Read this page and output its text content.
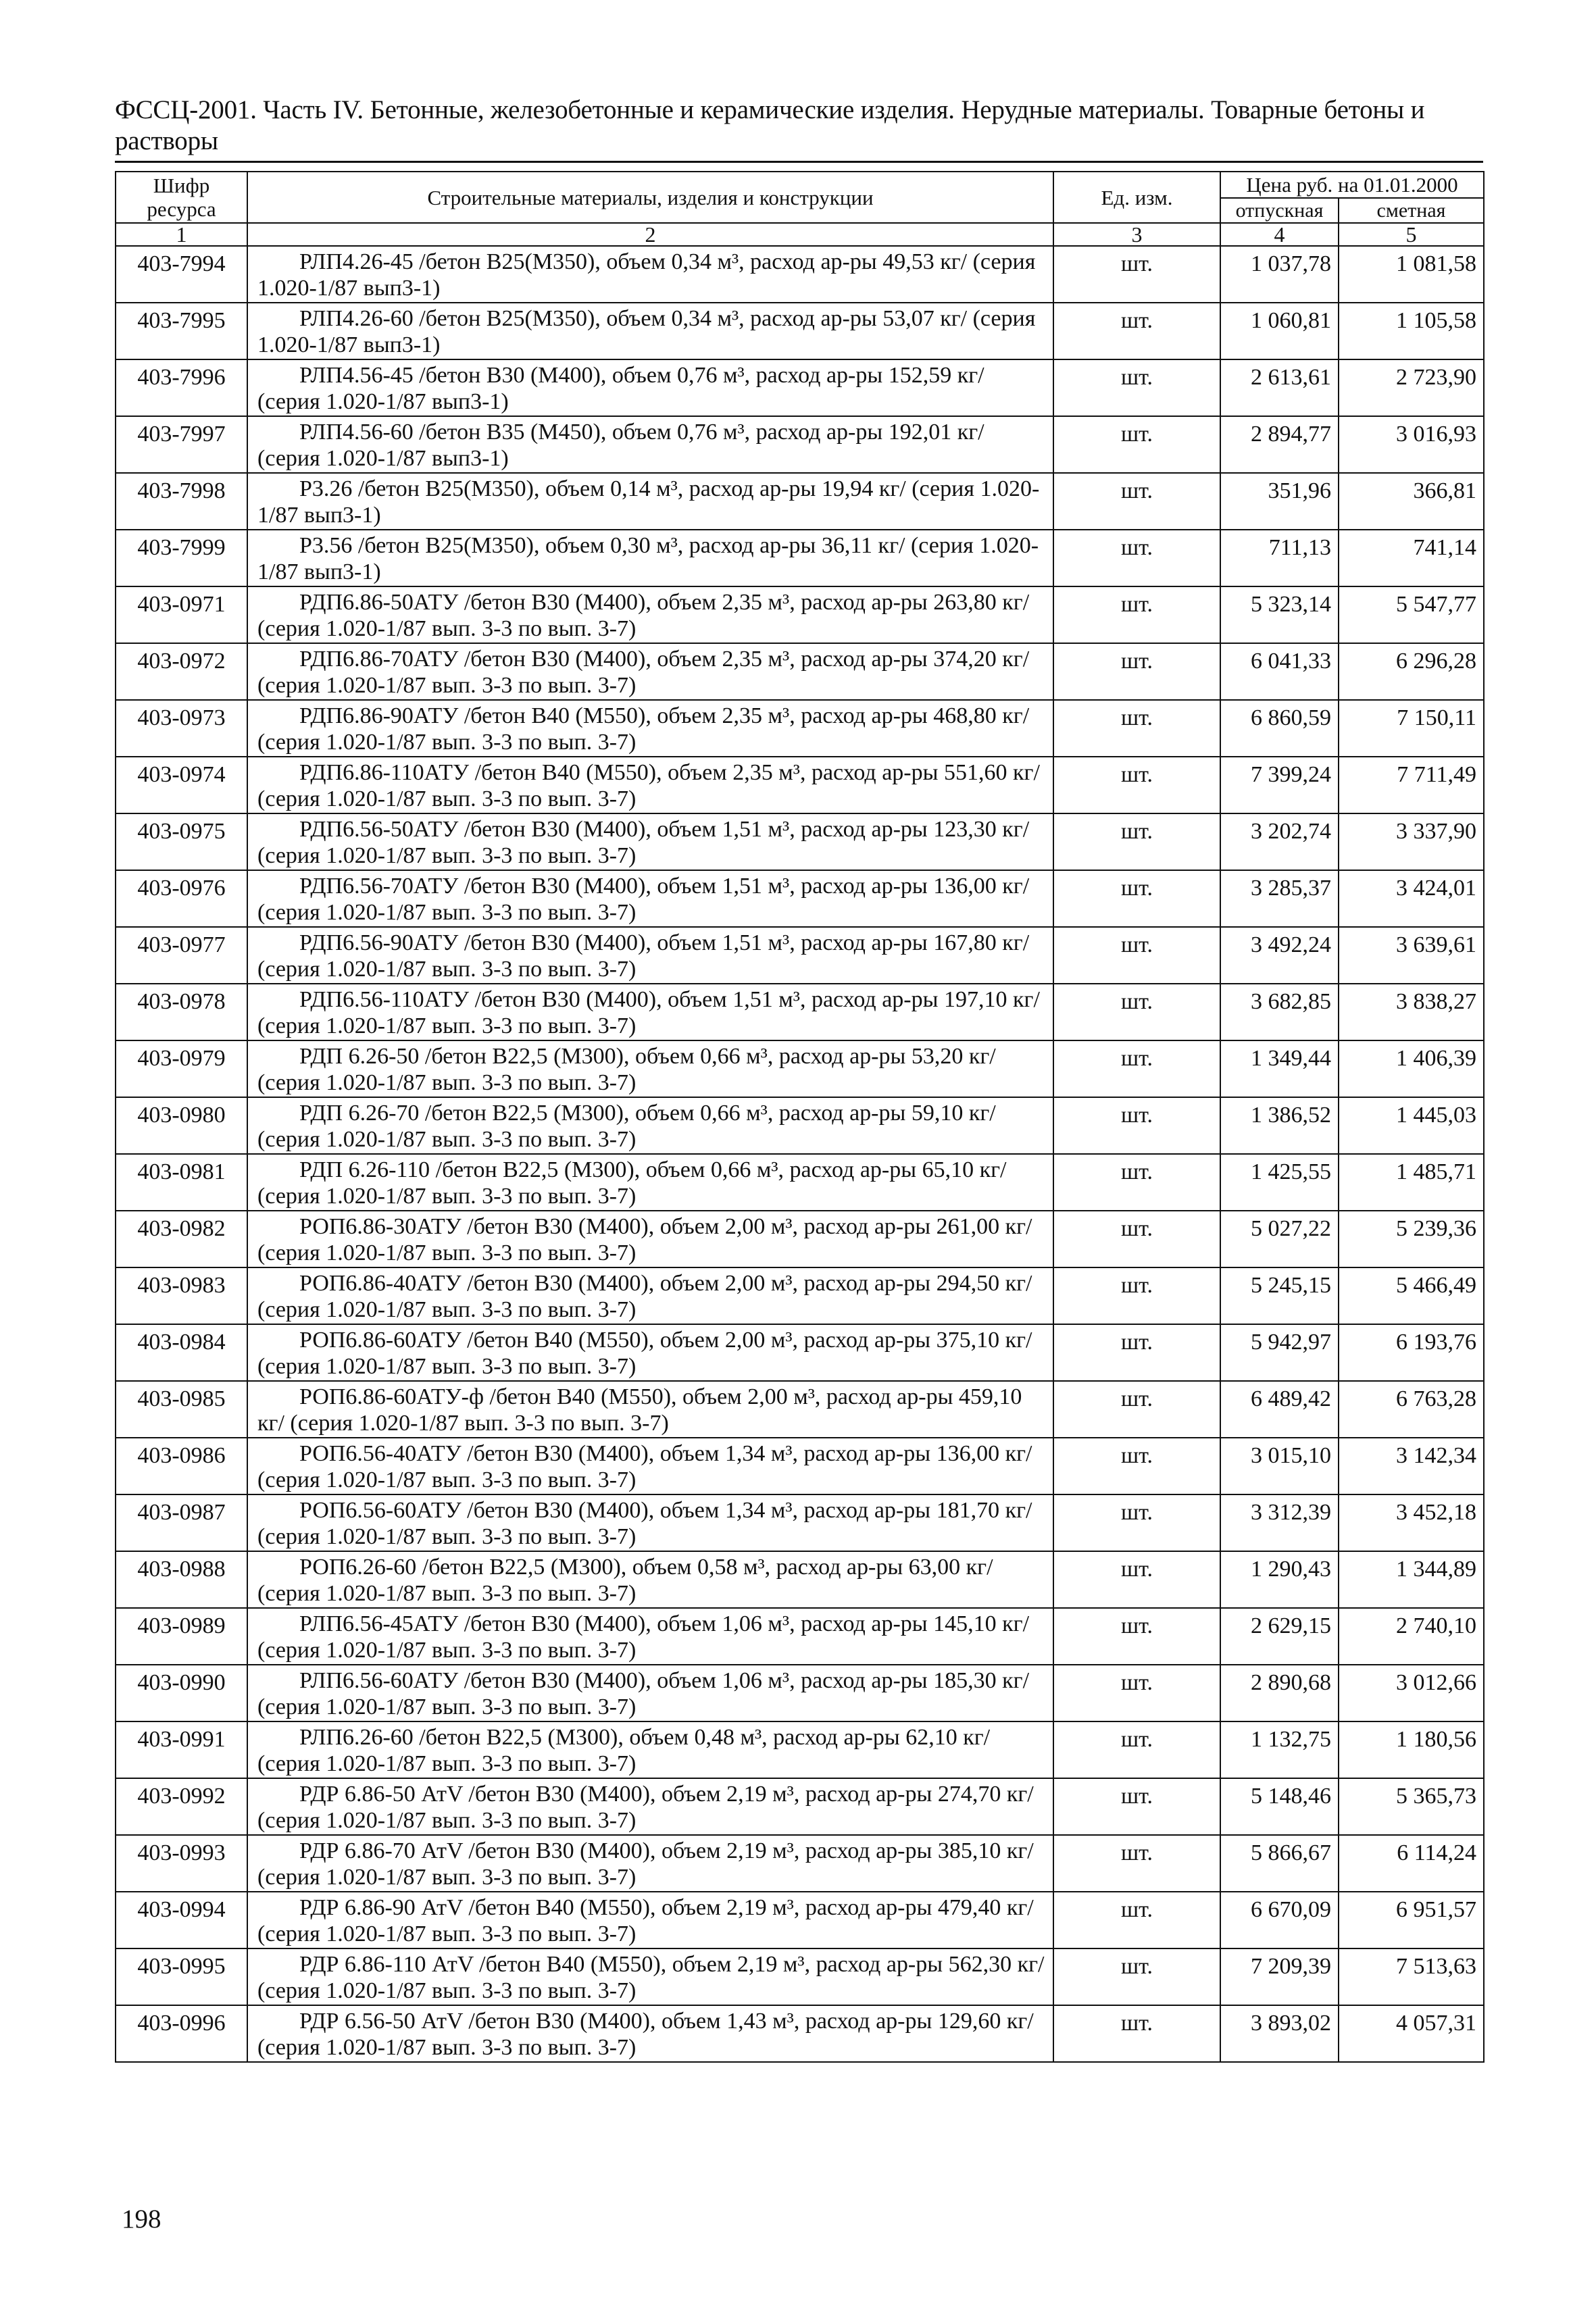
ФССЦ-2001. Часть IV. Бетонные, железобетонные и керамические изделия. Нерудные материалы. Товарные бетоны и растворы
Шифр ресурса	Строительные материалы, изделия и конструкции	Ед. изм.	Цена руб. на 01.01.2000	
			отпускная	сметная
1	2	3	4	5
403-7994	РЛП4.26-45 /бетон В25(М350), объем 0,34 м³, расход ар-ры 49,53 кг/ (серия 1.020-1/87 вып3-1)	шт.	1 037,78	1 081,58
403-7995	РЛП4.26-60 /бетон В25(М350), объем 0,34 м³, расход ар-ры 53,07 кг/ (серия 1.020-1/87 вып3-1)	шт.	1 060,81	1 105,58
403-7996	РЛП4.56-45 /бетон В30 (М400), объем 0,76 м³, расход ар-ры 152,59 кг/ (серия 1.020-1/87 вып3-1)	шт.	2 613,61	2 723,90
403-7997	РЛП4.56-60 /бетон В35 (М450), объем 0,76 м³, расход ар-ры 192,01 кг/ (серия 1.020-1/87 вып3-1)	шт.	2 894,77	3 016,93
403-7998	Р3.26 /бетон В25(М350), объем 0,14 м³, расход ар-ры 19,94 кг/ (серия 1.020-1/87 вып3-1)	шт.	351,96	366,81
403-7999	Р3.56 /бетон В25(М350), объем 0,30 м³, расход ар-ры 36,11 кг/ (серия 1.020-1/87 вып3-1)	шт.	711,13	741,14
403-0971	РДП6.86-50АТУ /бетон В30 (М400), объем 2,35 м³, расход ар-ры 263,80 кг/ (серия 1.020-1/87 вып. 3-3 по вып. 3-7)	шт.	5 323,14	5 547,77
403-0972	РДП6.86-70АТУ /бетон В30 (М400), объем 2,35 м³, расход ар-ры 374,20 кг/ (серия 1.020-1/87 вып. 3-3 по вып. 3-7)	шт.	6 041,33	6 296,28
403-0973	РДП6.86-90АТУ /бетон В40 (М550), объем 2,35 м³, расход ар-ры 468,80 кг/ (серия 1.020-1/87 вып. 3-3 по вып. 3-7)	шт.	6 860,59	7 150,11
403-0974	РДП6.86-110АТУ /бетон В40 (М550), объем 2,35 м³, расход ар-ры 551,60 кг/ (серия 1.020-1/87 вып. 3-3 по вып. 3-7)	шт.	7 399,24	7 711,49
403-0975	РДП6.56-50АТУ /бетон В30 (М400), объем 1,51 м³, расход ар-ры 123,30 кг/ (серия 1.020-1/87 вып. 3-3 по вып. 3-7)	шт.	3 202,74	3 337,90
403-0976	РДП6.56-70АТУ /бетон В30 (М400), объем 1,51 м³, расход ар-ры 136,00 кг/ (серия 1.020-1/87 вып. 3-3 по вып. 3-7)	шт.	3 285,37	3 424,01
403-0977	РДП6.56-90АТУ /бетон В30 (М400), объем 1,51 м³, расход ар-ры 167,80 кг/ (серия 1.020-1/87 вып. 3-3 по вып. 3-7)	шт.	3 492,24	3 639,61
403-0978	РДП6.56-110АТУ /бетон В30 (М400), объем 1,51 м³, расход ар-ры 197,10 кг/ (серия 1.020-1/87 вып. 3-3 по вып. 3-7)	шт.	3 682,85	3 838,27
403-0979	РДП 6.26-50 /бетон В22,5 (М300), объем 0,66 м³, расход ар-ры 53,20 кг/ (серия 1.020-1/87 вып. 3-3 по вып. 3-7)	шт.	1 349,44	1 406,39
403-0980	РДП 6.26-70 /бетон В22,5 (М300), объем 0,66 м³, расход ар-ры 59,10 кг/ (серия 1.020-1/87 вып. 3-3 по вып. 3-7)	шт.	1 386,52	1 445,03
403-0981	РДП 6.26-110 /бетон В22,5 (М300), объем 0,66 м³, расход ар-ры 65,10 кг/ (серия 1.020-1/87 вып. 3-3 по вып. 3-7)	шт.	1 425,55	1 485,71
403-0982	РОП6.86-30АТУ /бетон В30 (М400), объем 2,00 м³, расход ар-ры 261,00 кг/ (серия 1.020-1/87 вып. 3-3 по вып. 3-7)	шт.	5 027,22	5 239,36
403-0983	РОП6.86-40АТУ /бетон В30 (М400), объем 2,00 м³, расход ар-ры 294,50 кг/ (серия 1.020-1/87 вып. 3-3 по вып. 3-7)	шт.	5 245,15	5 466,49
403-0984	РОП6.86-60АТУ /бетон В40 (М550), объем 2,00 м³, расход ар-ры 375,10 кг/ (серия 1.020-1/87 вып. 3-3 по вып. 3-7)	шт.	5 942,97	6 193,76
403-0985	РОП6.86-60АТУ-ф /бетон В40 (М550), объем 2,00 м³, расход ар-ры 459,10 кг/ (серия 1.020-1/87 вып. 3-3 по вып. 3-7)	шт.	6 489,42	6 763,28
403-0986	РОП6.56-40АТУ /бетон В30 (М400), объем 1,34 м³, расход ар-ры 136,00 кг/ (серия 1.020-1/87 вып. 3-3 по вып. 3-7)	шт.	3 015,10	3 142,34
403-0987	РОП6.56-60АТУ /бетон В30 (М400), объем 1,34 м³, расход ар-ры 181,70 кг/ (серия 1.020-1/87 вып. 3-3 по вып. 3-7)	шт.	3 312,39	3 452,18
403-0988	РОП6.26-60 /бетон В22,5 (М300), объем 0,58 м³, расход ар-ры 63,00 кг/ (серия 1.020-1/87 вып. 3-3 по вып. 3-7)	шт.	1 290,43	1 344,89
403-0989	РЛП6.56-45АТУ /бетон В30 (М400), объем 1,06 м³, расход ар-ры 145,10 кг/ (серия 1.020-1/87 вып. 3-3 по вып. 3-7)	шт.	2 629,15	2 740,10
403-0990	РЛП6.56-60АТУ /бетон В30 (М400), объем 1,06 м³, расход ар-ры 185,30 кг/ (серия 1.020-1/87 вып. 3-3 по вып. 3-7)	шт.	2 890,68	3 012,66
403-0991	РЛП6.26-60 /бетон В22,5 (М300), объем 0,48 м³, расход ар-ры 62,10 кг/ (серия 1.020-1/87 вып. 3-3 по вып. 3-7)	шт.	1 132,75	1 180,56
403-0992	РДР 6.86-50 АтV /бетон В30 (М400), объем 2,19 м³, расход ар-ры 274,70 кг/ (серия 1.020-1/87 вып. 3-3 по вып. 3-7)	шт.	5 148,46	5 365,73
403-0993	РДР 6.86-70 АтV /бетон В30 (М400), объем 2,19 м³, расход ар-ры 385,10 кг/ (серия 1.020-1/87 вып. 3-3 по вып. 3-7)	шт.	5 866,67	6 114,24
403-0994	РДР 6.86-90 АтV /бетон В40 (М550), объем 2,19 м³, расход ар-ры 479,40 кг/ (серия 1.020-1/87 вып. 3-3 по вып. 3-7)	шт.	6 670,09	6 951,57
403-0995	РДР 6.86-110 АтV /бетон В40 (М550), объем 2,19 м³, расход ар-ры 562,30 кг/ (серия 1.020-1/87 вып. 3-3 по вып. 3-7)	шт.	7 209,39	7 513,63
403-0996	РДР 6.56-50 АтV /бетон В30 (М400), объем 1,43 м³, расход ар-ры 129,60 кг/ (серия 1.020-1/87 вып. 3-3 по вып. 3-7)	шт.	3 893,02	4 057,31
198
